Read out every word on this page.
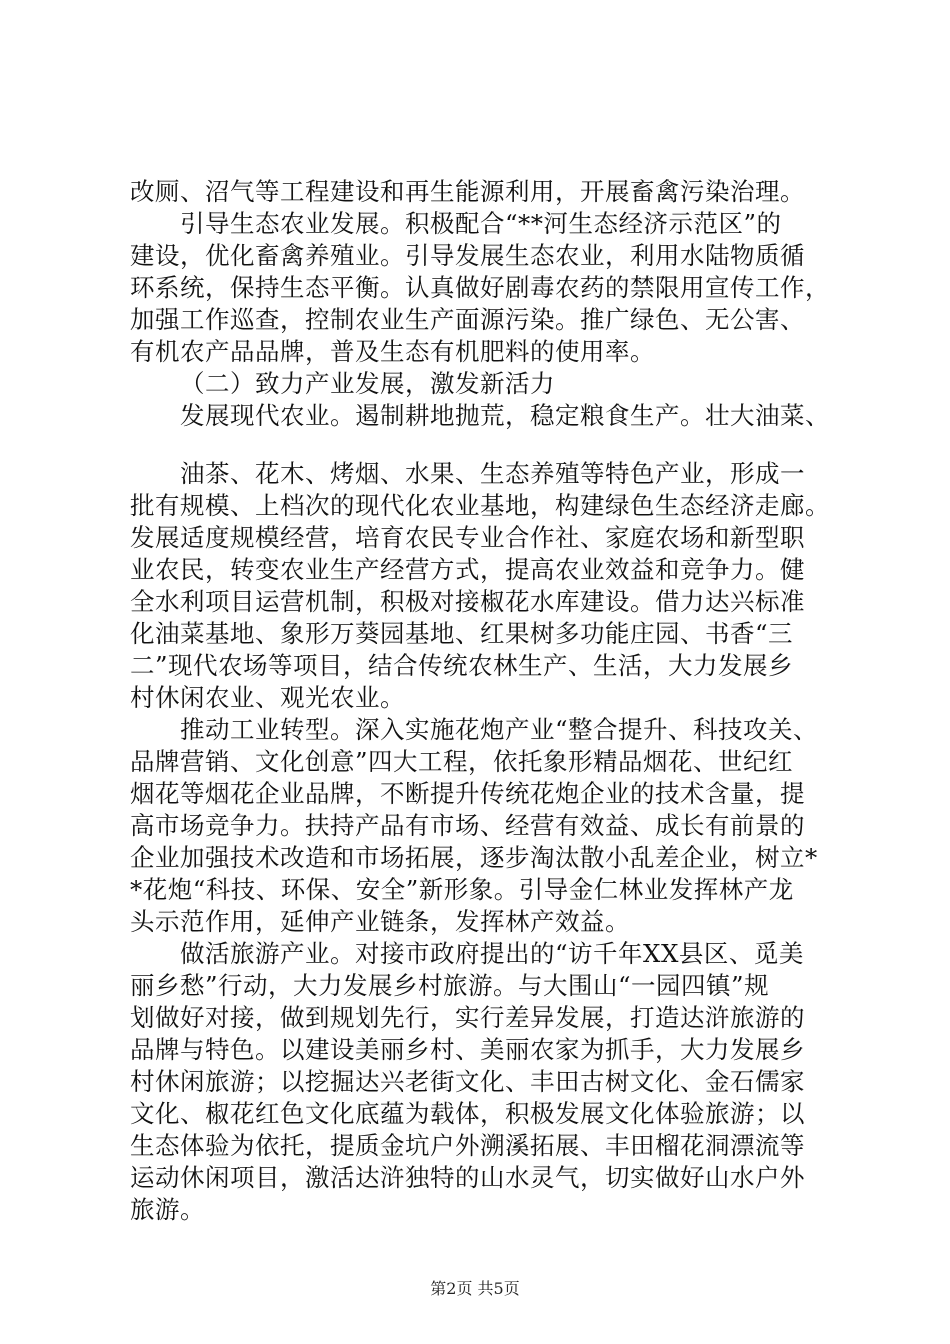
改厕、沼气等工程建设和再生能源利用，开展畜禽污染治理。
引导生态农业发展。积极配合“**河生态经济示范区”的
建设，优化畜禽养殖业。引导发展生态农业，利用水陆物质循
环系统，保持生态平衡。认真做好剧毒农药的禁限用宣传工作，
加强工作巡查，控制农业生产面源污染。推广绿色、无公害、
有机农产品品牌，普及生态有机肥料的使用率。
（二）致力产业发展，激发新活力
发展现代农业。遏制耕地抛荒，稳定粮食生产。壮大油菜、
油茶、花木、烤烟、水果、生态养殖等特色产业，形成一
批有规模、上档次的现代化农业基地，构建绿色生态经济走廊。
发展适度规模经营，培育农民专业合作社、家庭农场和新型职
业农民，转变农业生产经营方式，提高农业效益和竞争力。健
全水利项目运营机制，积极对接椒花水库建设。借力达兴标准
化油菜基地、象形万葵园基地、红果树多功能庄园、书香“三
二”现代农场等项目，结合传统农林生产、生活，大力发展乡
村休闲农业、观光农业。
推动工业转型。深入实施花炮产业“整合提升、科技攻关、
品牌营销、文化创意”四大工程，依托象形精品烟花、世纪红
烟花等烟花企业品牌，不断提升传统花炮企业的技术含量，提
高市场竞争力。扶持产品有市场、经营有效益、成长有前景的
企业加强技术改造和市场拓展，逐步淘汰散小乱差企业，树立*
*花炮“科技、环保、安全”新形象。引导金仁林业发挥林产龙
头示范作用，延伸产业链条，发挥林产效益。
做活旅游产业。对接市政府提出的“访千年XX县区、觅美
丽乡愁”行动，大力发展乡村旅游。与大围山“一园四镇”规
划做好对接，做到规划先行，实行差异发展，打造达浒旅游的
品牌与特色。以建设美丽乡村、美丽农家为抓手，大力发展乡
村休闲旅游；以挖掘达兴老街文化、丰田古树文化、金石儒家
文化、椒花红色文化底蕴为载体，积极发展文化体验旅游；以
生态体验为依托，提质金坑户外溯溪拓展、丰田榴花洞漂流等
运动休闲项目，激活达浒独特的山水灵气，切实做好山水户外
旅游。
第2页 共5页
